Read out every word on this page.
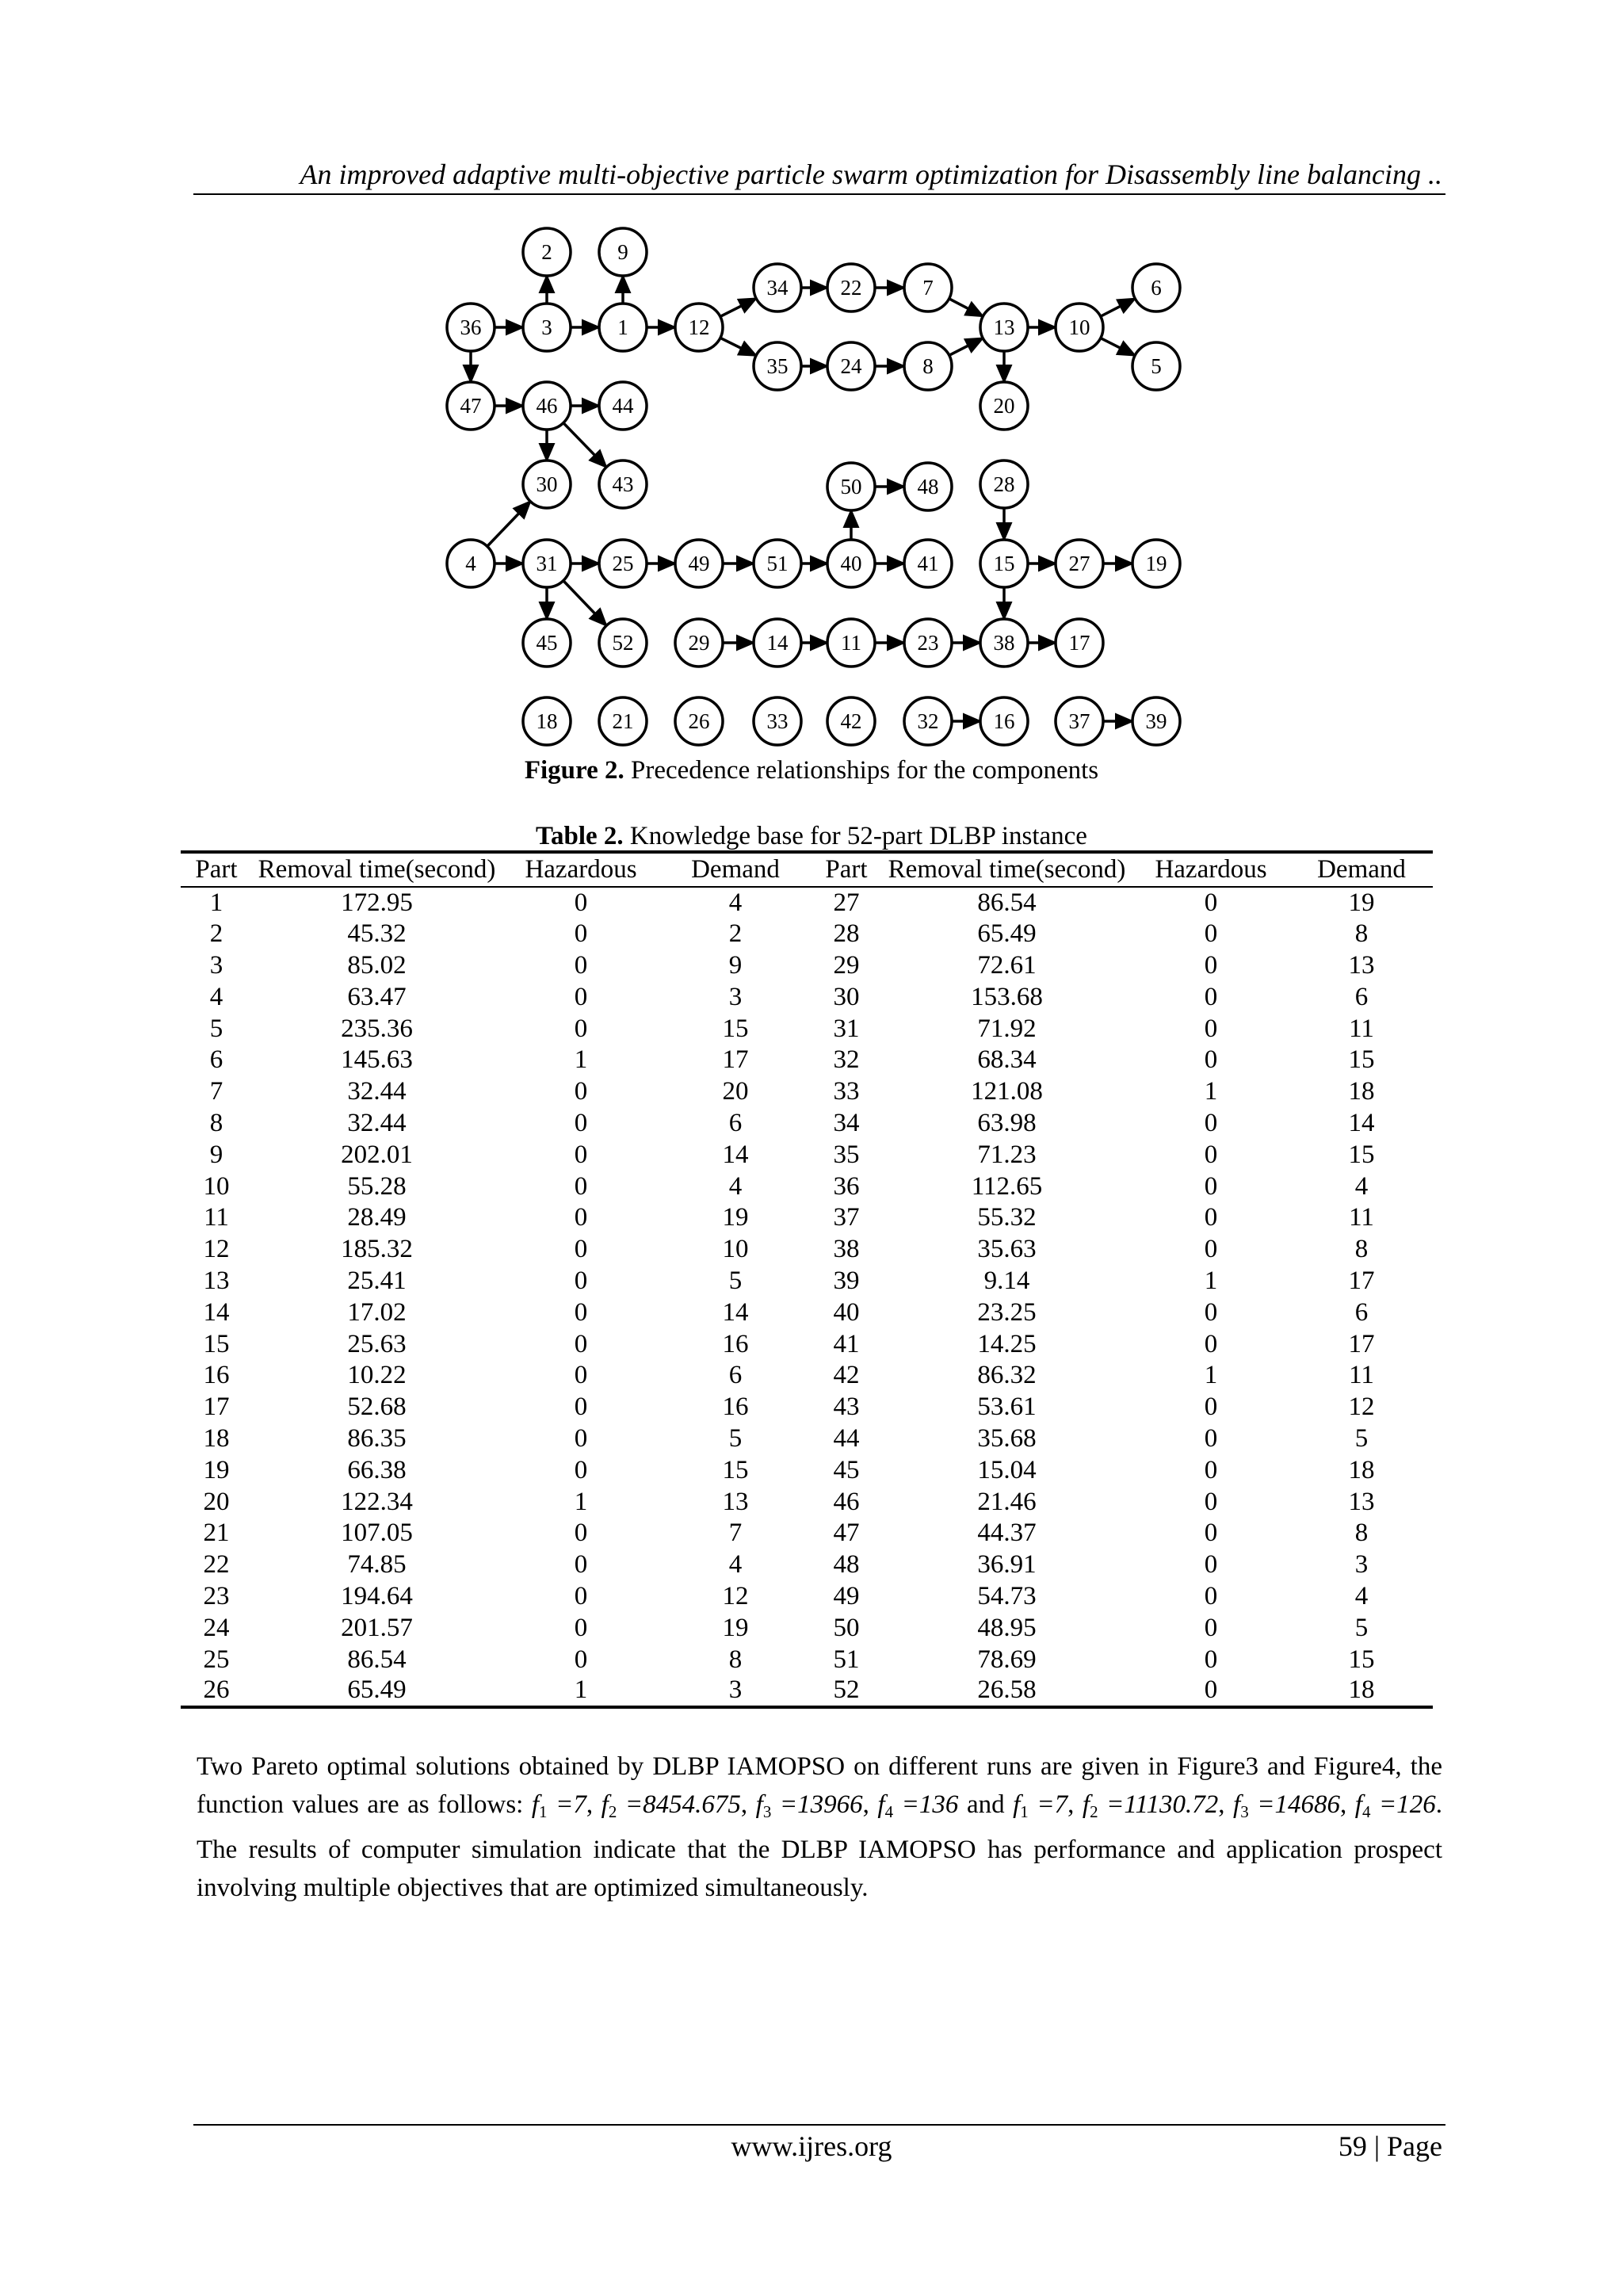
An improved adaptive multi-objective particle swarm optimization for Disassembly line balancing ..
2	9
34 22	7	6
36	3	1	12	13	10
35 24	8	5
47	46	44	20
30	43	50	48	28
4	31	25	49	51 40	41	15	27	19
45	52	29	14 11	23	38	17
18	21	26	33 42	32	16	37	39
Figure 2. Precedence relationships for the components
Table 2. Knowledge base for 52-part DLBP instance
Part	Removal time(second)	Hazardous	Demand	Part	Removal time(second)	Hazardous	Demand
1	172.95	0	4	27	86.54	0	19
2	45.32	0	2	28	65.49	0	8
3	85.02	0	9	29	72.61	0	13
4	63.47	0	3	30	153.68	0	6
5	235.36	0	15	31	71.92	0	11
6	145.63	1	17	32	68.34	0	15
7	32.44	0	20	33	121.08	1	18
8	32.44	0	6	34	63.98	0	14
9	202.01	0	14	35	71.23	0	15
10	55.28	0	4	36	112.65	0	4
11	28.49	0	19	37	55.32	0	11
12	185.32	0	10	38	35.63	0	8
13	25.41	0	5	39	9.14	1	17
14	17.02	0	14	40	23.25	0	6
15	25.63	0	16	41	14.25	0	17
16	10.22	0	6	42	86.32	1	11
17	52.68	0	16	43	53.61	0	12
18	86.35	0	5	44	35.68	0	5
19	66.38	0	15	45	15.04	0	18
20	122.34	1	13	46	21.46	0	13
21	107.05	0	7	47	44.37	0	8
22	74.85	0	4	48	36.91	0	3
23	194.64	0	12	49	54.73	0	4
24	201.57	0	19	50	48.95	0	5
25	86.54	0	8	51	78.69	0	15
26	65.49	1	3	52	26.58	0	18
Two Pareto optimal solutions obtained by DLBP IAMOPSO on different runs are given in Figure3 and Figure4, the function values are as follows: $f_1 =7$, $f_2 =8454.675$, $f_3 =13966$, $f_4 =136$ and $f_1 =7$, $f_2 =11130.72$, $f_3 =14686$, $f_4 =126$. The results of computer simulation indicate that the DLBP IAMOPSO has performance and application prospect involving multiple objectives that are optimized simultaneously.
www.ijres.org	59 | Page
